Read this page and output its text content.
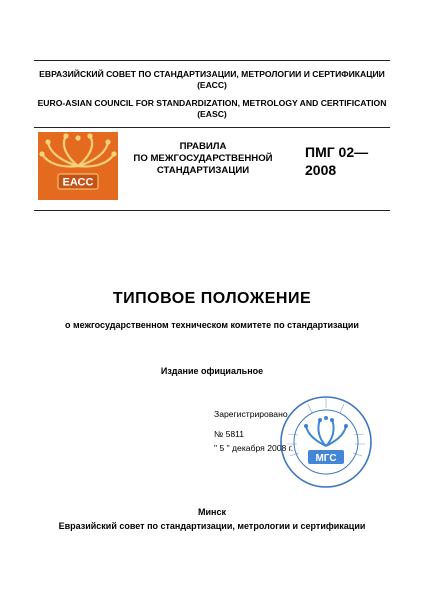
ЕВРАЗИЙСКИЙ СОВЕТ ПО СТАНДАРТИЗАЦИИ, МЕТРОЛОГИИ И СЕРТИФИКАЦИИ
(ЕАСС)
EURO-ASIAN COUNCIL FOR STANDARDIZATION, METROLOGY AND CERTIFICATION
(EASC)
ЕАСС
ПРАВИЛА
ПО МЕЖГОСУДАРСТВЕННОЙ
СТАНДАРТИЗАЦИИ
ПМГ 02—
2008
ТИПОВОЕ ПОЛОЖЕНИЕ
о межгосударственном техническом комитете по стандартизации
Издание официальное
Зарегистрировано
№ 5811
" 5 " декабря 2008 г.
МГС
Минск
Евразийский совет по стандартизации, метрологии и сертификации
